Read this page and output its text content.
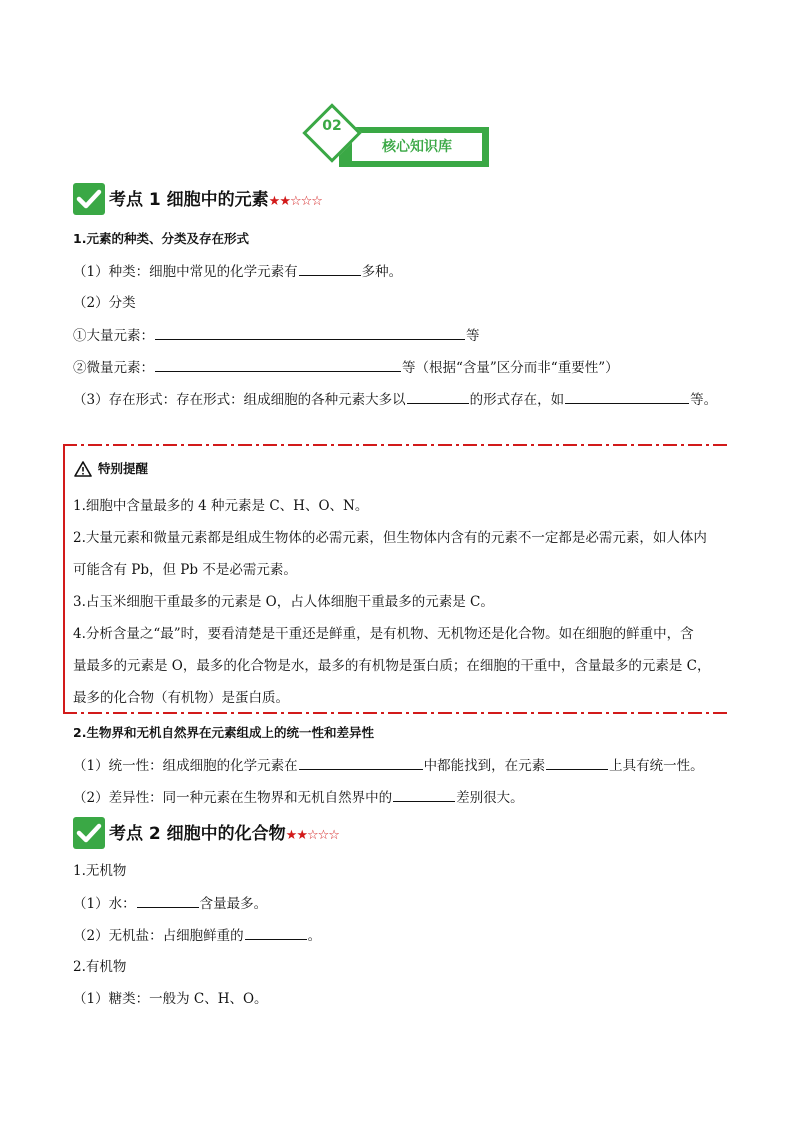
核心知识库
02
考点 1 细胞中的元素★★☆☆☆
1.元素的种类、分类及存在形式
（1）种类：细胞中常见的化学元素有	多种。
（2）分类
①大量元素：	等
②微量元素：	等（根据“含量”区分而非“重要性”）
（3）存在形式：存在形式：组成细胞的各种元素大多以	的形式存在，如	等。
特别提醒
1.细胞中含量最多的 4 种元素是 C、H、O、N。
2.大量元素和微量元素都是组成生物体的必需元素，但生物体内含有的元素不一定都是必需元素，如人体内
可能含有 Pb，但 Pb 不是必需元素。
3.占玉米细胞干重最多的元素是 O，占人体细胞干重最多的元素是 C。
4.分析含量之“最”时，要看清楚是干重还是鲜重，是有机物、无机物还是化合物。如在细胞的鲜重中，含
量最多的元素是 O，最多的化合物是水，最多的有机物是蛋白质；在细胞的干重中，含量最多的元素是 C，
最多的化合物（有机物）是蛋白质。
2.生物界和无机自然界在元素组成上的统一性和差异性
（1）统一性：组成细胞的化学元素在	中都能找到，在元素	上具有统一性。
（2）差异性：同一种元素在生物界和无机自然界中的	差别很大。
考点 2 细胞中的化合物★★☆☆☆
1.无机物
（1）水：	含量最多。
（2）无机盐：占细胞鲜重的	。
2.有机物
（1）糖类：一般为 C、H、O。
